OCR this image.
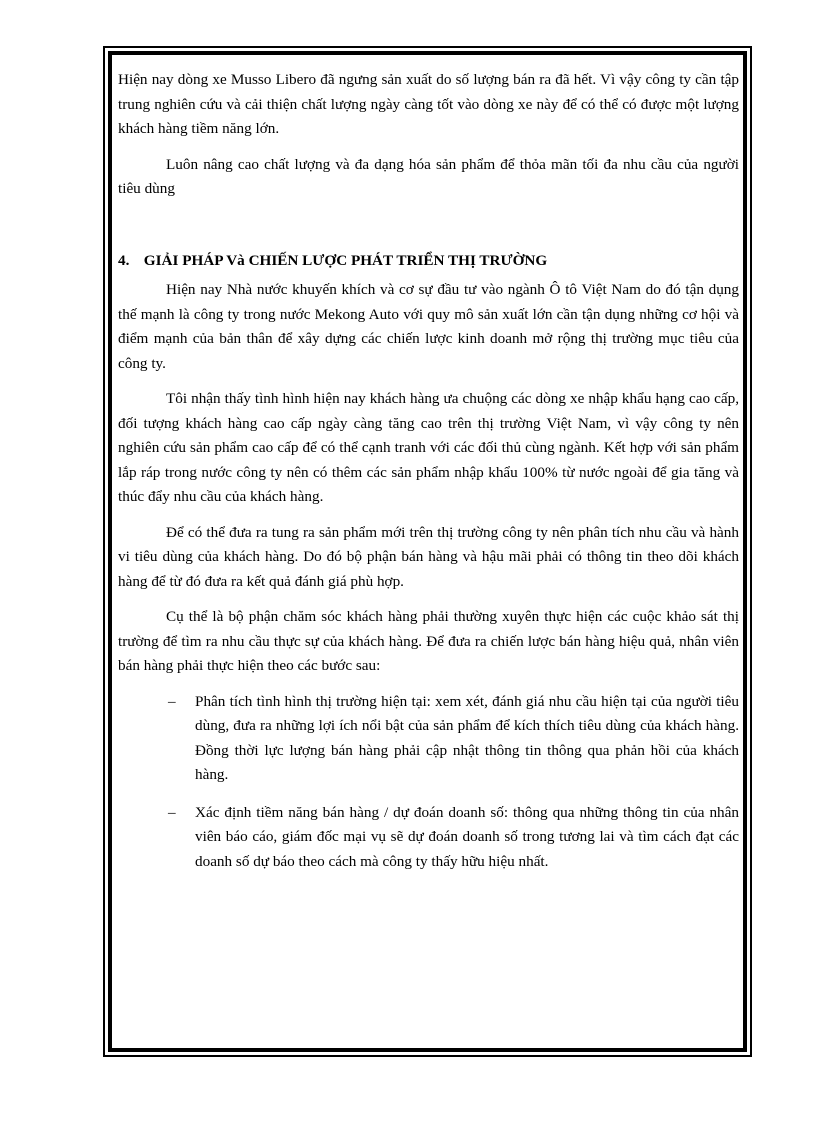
Hiện nay dòng xe Musso Libero đã ngưng sản xuất do số lượng bán ra đã hết. Vì vậy công ty cần tập trung nghiên cứu và cải thiện chất lượng ngày càng tốt vào dòng xe này để có thể có được một lượng khách hàng tiềm năng lớn.

Luôn nâng cao chất lượng và đa dạng hóa sản phẩm để thỏa mãn tối đa nhu cầu của người tiêu dùng

4. GIẢI PHÁP Và CHIẾN LƯỢC PHÁT TRIỂN THỊ TRƯỜNG

Hiện nay Nhà nước khuyến khích và cơ sự đầu tư vào ngành Ô tô Việt Nam do đó tận dụng thế mạnh là công ty trong nước Mekong Auto với quy mô sản xuất lớn cần tận dụng những cơ hội và điểm mạnh của bản thân để xây dựng các chiến lược kinh doanh mở rộng thị trường mục tiêu của công ty.

Tôi nhận thấy tình hình hiện nay khách hàng ưa chuộng các dòng xe nhập khẩu hạng cao cấp, đối tượng khách hàng cao cấp ngày càng tăng cao trên thị trường Việt Nam, vì vậy công ty nên nghiên cứu sản phẩm cao cấp để có thể cạnh tranh với các đối thủ cùng ngành. Kết hợp với sản phẩm lắp ráp trong nước công ty nên có thêm các sản phẩm nhập khẩu 100% từ nước ngoài để gia tăng và thúc đẩy nhu cầu của khách hàng.

Để có thể đưa ra tung ra sản phẩm mới trên thị trường công ty nên phân tích nhu cầu và hành vi tiêu dùng của khách hàng. Do đó bộ phận bán hàng và hậu mãi phải có thông tin theo dõi khách hàng để từ đó đưa ra kết quả đánh giá phù hợp.

Cụ thể là bộ phận chăm sóc khách hàng phải thường xuyên thực hiện các cuộc khảo sát thị trường để tìm ra nhu cầu thực sự của khách hàng. Để đưa ra chiến lược bán hàng hiệu quả, nhân viên bán hàng phải thực hiện theo các bước sau:

– Phân tích tình hình thị trường hiện tại: xem xét, đánh giá nhu cầu hiện tại của người tiêu dùng, đưa ra những lợi ích nổi bật của sản phẩm để kích thích tiêu dùng của khách hàng. Đồng thời lực lượng bán hàng phải cập nhật thông tin thông qua phản hồi của khách hàng.

– Xác định tiềm năng bán hàng / dự đoán doanh số: thông qua những thông tin của nhân viên báo cáo, giám đốc mại vụ sẽ dự đoán doanh số trong tương lai và tìm cách đạt các doanh số dự báo theo cách mà công ty thấy hữu hiệu nhất.
